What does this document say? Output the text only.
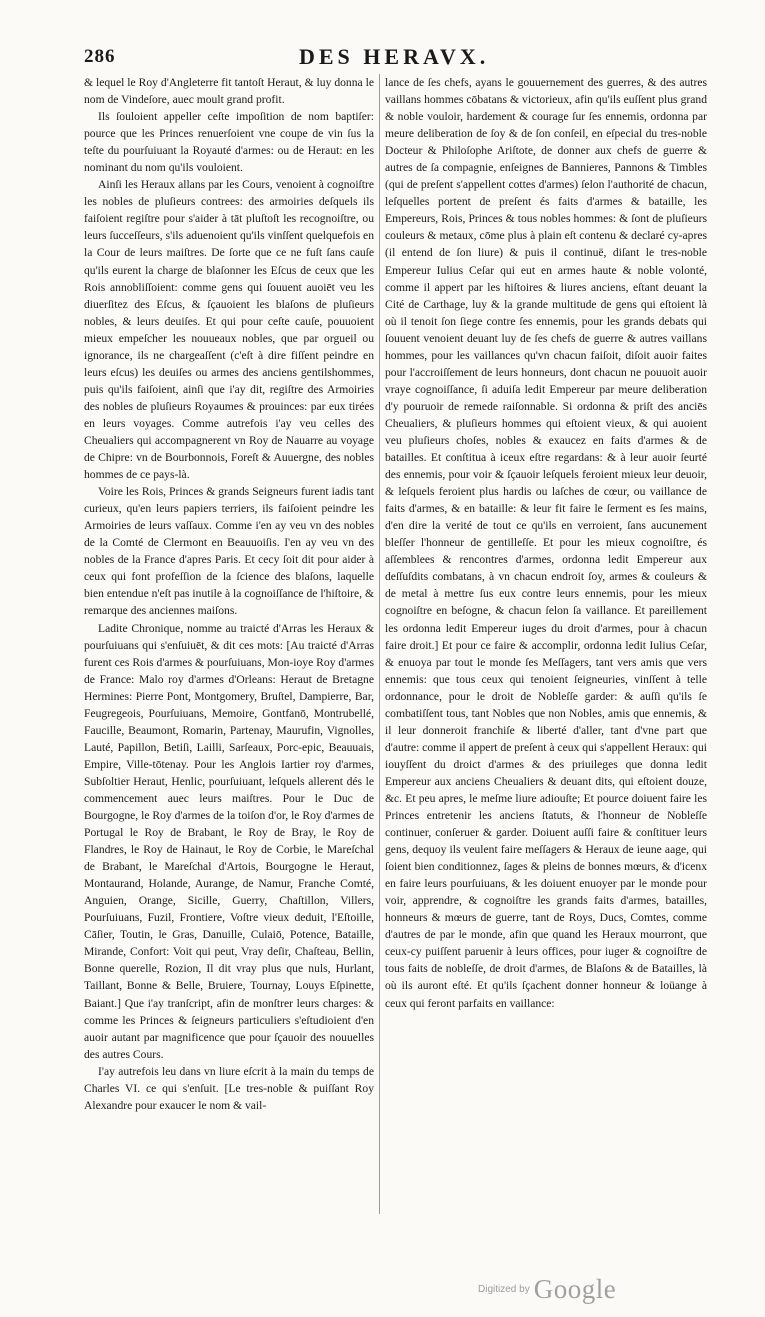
286	DES HERAVX.

& lequel le Roy d'Angleterre fit tantoſt Heraut, & luy donna le nom de Vindeſore, auec moult grand profit.

Ils ſouloient appeller ceſte impoſition de nom baptiſer: pource que les Princes renuerſoient vne coupe de vin ſus la teſte du pourſuiuant la Royauté d'armes: ou de Heraut: en les nominant du nom qu'ils vouloient.

Ainſi les Heraux allans par les Cours, venoient à cognoiſtre les nobles de pluſieurs contrees: des armoiries deſquels ils faiſoient regiſtre pour s'aider à tāt pluſtoſt les recognoiſtre, ou leurs ſucceſſeurs, s'ils aduenoient qu'ils vinſſent quelquefois en la Cour de leurs maiſtres. De ſorte que ce ne fuſt ſans cauſe qu'ils eurent la charge de blaſonner les Eſcus de ceux que les Rois annobliſſoient: comme gens qui ſouuent auoiēt veu les diuerſitez des Eſcus, & ſçauoient les blaſons de pluſieurs nobles, & leurs deuiſes. Et qui pour ceſte cauſe, pouuoient mieux empeſcher les nouueaux nobles, que par orgueil ou ignorance, ils ne chargeaſſent (c'eſt à dire fiſſent peindre en leurs eſcus) les deuiſes ou armes des anciens gentilshommes, puis qu'ils faiſoient, ainſi que i'ay dit, regiſtre des Armoiries des nobles de pluſieurs Royaumes & prouinces: par eux tirées en leurs voyages. Comme autrefois i'ay veu celles des Cheualiers qui accompagnerent vn Roy de Nauarre au voyage de Chipre: vn de Bourbonnois, Foreſt & Auuergne, des nobles hommes de ce pays-là.

Voire les Rois, Princes & grands Seigneurs furent iadis tant curieux, qu'en leurs papiers terriers, ils faiſoient peindre les Armoiries de leurs vaſſaux. Comme i'en ay veu vn des nobles de la Comté de Clermont en Beauuoiſis. I'en ay veu vn des nobles de la France d'apres Paris. Et cecy ſoit dit pour aider à ceux qui font profeſſion de la ſcience des blaſons, laquelle bien entendue n'eſt pas inutile à la cognoiſſance de l'hiſtoire, & remarque des anciennes maiſons.

Ladite Chronique, nomme au traicté d'Arras les Heraux & pourſuiuans qui s'enſuiuēt, & dit ces mots: [Au traicté d'Arras furent ces Rois d'armes & pourſuiuans, Mon-ioye Roy d'armes de France: Malo roy d'armes d'Orleans: Heraut de Bretagne Hermines: Pierre Pont, Montgomery, Bruſtel, Dampierre, Bar, Feugregeois, Pourſuiuans, Memoire, Gontfanō, Montrubellé, Faucille, Beaumont, Romarin, Partenay, Maurufin, Vignolles, Lauté, Papillon, Betiſi, Lailli, Sarſeaux, Porc-epic, Beauuais, Empire, Ville-tōtenay. Pour les Anglois Iartier roy d'armes, Subſoltier Heraut, Henlic, pourſuiuant, leſquels allerent dés le commencement auec leurs maiſtres. Pour le Duc de Bourgogne, le Roy d'armes de la toiſon d'or, le Roy d'armes de Portugal le Roy de Brabant, le Roy de Bray, le Roy de Flandres, le Roy de Hainaut, le Roy de Corbie, le Mareſchal de Brabant, le Mareſchal d'Artois, Bourgogne le Heraut, Montaurand, Holande, Aurange, de Namur, Franche Comté, Anguien, Orange, Sicille, Guerry, Chaſtillon, Villers, Pourſuiuans, Fuzil, Frontiere, Voſtre vieux deduit, l'Eſtoille, Cāſier, Toutin, le Gras, Danuille, Culaiō, Potence, Bataille, Mirande, Confort: Voit qui peut, Vray deſir, Chaſteau, Bellin, Bonne querelle, Rozion, Il dit vray plus que nuls, Hurlant, Taillant, Bonne & Belle, Bruiere, Tournay, Louys Eſpinette, Baiant.] Que i'ay tranſcript, afin de monſtrer leurs charges: & comme les Princes & ſeigneurs particuliers s'eſtudioient d'en auoir autant par magnificence que pour ſçauoir des nouuelles des autres Cours.

I'ay autrefois leu dans vn liure eſcrit à la main du temps de Charles VI. ce qui s'enſuit. [Le tres-noble & puiſſant Roy Alexandre pour exaucer le nom & vail-

lance de ſes chefs, ayans le gouuernement des guerres, & des autres vaillans hommes cōbatans & victorieux, afin qu'ils euſſent plus grand & noble vouloir, hardement & courage ſur ſes ennemis, ordonna par meure deliberation de ſoy & de ſon conſeil, en eſpecial du tres-noble Docteur & Philoſophe Ariſtote, de donner aux chefs de guerre & autres de ſa compagnie, enſeignes de Bannieres, Pannons & Timbles (qui de preſent s'appellent cottes d'armes) ſelon l'authorité de chacun, leſquelles portent de preſent és faits d'armes & bataille, les Empereurs, Rois, Princes & tous nobles hommes: & ſont de pluſieurs couleurs & metaux, cōme plus à plain eſt contenu & declaré cy-apres (il entend de ſon liure) & puis il continuë, diſant le tres-noble Empereur Iulius Ceſar qui eut en armes haute & noble volonté, comme il appert par les hiſtoires & liures anciens, eſtant deuant la Cité de Carthage, luy & la grande multitude de gens qui eſtoient là où il tenoit ſon ſiege contre ſes ennemis, pour les grands debats qui ſouuent venoient deuant luy de ſes chefs de guerre & autres vaillans hommes, pour les vaillances qu'vn chacun faiſoit, diſoit auoir faites pour l'accroiſſement de leurs honneurs, dont chacun ne pouuoit auoir vraye cognoiſſance, ſi aduiſa ledit Empereur par meure deliberation d'y pouruoir de remede raiſonnable. Si ordonna & priſt des anciēs Cheualiers, & pluſieurs hommes qui eſtoient vieux, & qui auoient veu pluſieurs choſes, nobles & exaucez en faits d'armes & de batailles. Et conſtitua à iceux eſtre regardans: & à leur auoir ſeurté des ennemis, pour voir & ſçauoir leſquels feroient mieux leur deuoir, & leſquels feroient plus hardis ou laſches de cœur, ou vaillance de faits d'armes, & en bataille: & leur fit faire le ſerment es ſes mains, d'en dire la verité de tout ce qu'ils en verroient, ſans aucunement bleſſer l'honneur de gentilleſſe. Et pour les mieux cognoiſtre, és aſſemblees & rencontres d'armes, ordonna ledit Empereur aux deſſuſdits combatans, à vn chacun endroit ſoy, armes & couleurs & de metal à mettre ſus eux contre leurs ennemis, pour les mieux cognoiſtre en beſogne, & chacun ſelon ſa vaillance. Et pareillement les ordonna ledit Empereur iuges du droit d'armes, pour à chacun faire droit.] Et pour ce faire & accomplir, ordonna ledit Iulius Ceſar, & enuoya par tout le monde ſes Meſſagers, tant vers amis que vers ennemis: que tous ceux qui tenoient ſeigneuries, vinſſent à telle ordonnance, pour le droit de Nobleſſe garder: & auſſi qu'ils ſe combatiſſent tous, tant Nobles que non Nobles, amis que ennemis, & il leur donneroit franchiſe & liberté d'aller, tant d'vne part que d'autre: comme il appert de preſent à ceux qui s'appellent Heraux: qui iouyſſent du droict d'armes & des priuileges que donna ledit Empereur aux anciens Cheualiers & deuant dits, qui eſtoient douze, &c. Et peu apres, le meſme liure adiouſte; Et pource doiuent faire les Princes entretenir les anciens ſtatuts, & l'honneur de Nobleſſe continuer, conſeruer & garder. Doiuent auſſi faire & conſtituer leurs gens, dequoy ils veulent faire meſſagers & Heraux de ieune aage, qui ſoient bien conditionnez, ſages & pleins de bonnes mœurs, & d'icenx en faire leurs pourſuiuans, & les doiuent enuoyer par le monde pour voir, apprendre, & cognoiſtre les grands faits d'armes, batailles, honneurs & mœurs de guerre, tant de Roys, Ducs, Comtes, comme d'autres de par le monde, afin que quand les Heraux mourront, que ceux-cy puiſſent paruenir à leurs offices, pour iuger & cognoiſtre de tous faits de nobleſſe, de droit d'armes, de Blaſons & de Batailles, là où ils auront eſté. Et qu'ils ſçachent donner honneur & loüange à ceux qui feront parfaits en vaillance:

Digitized by Google
